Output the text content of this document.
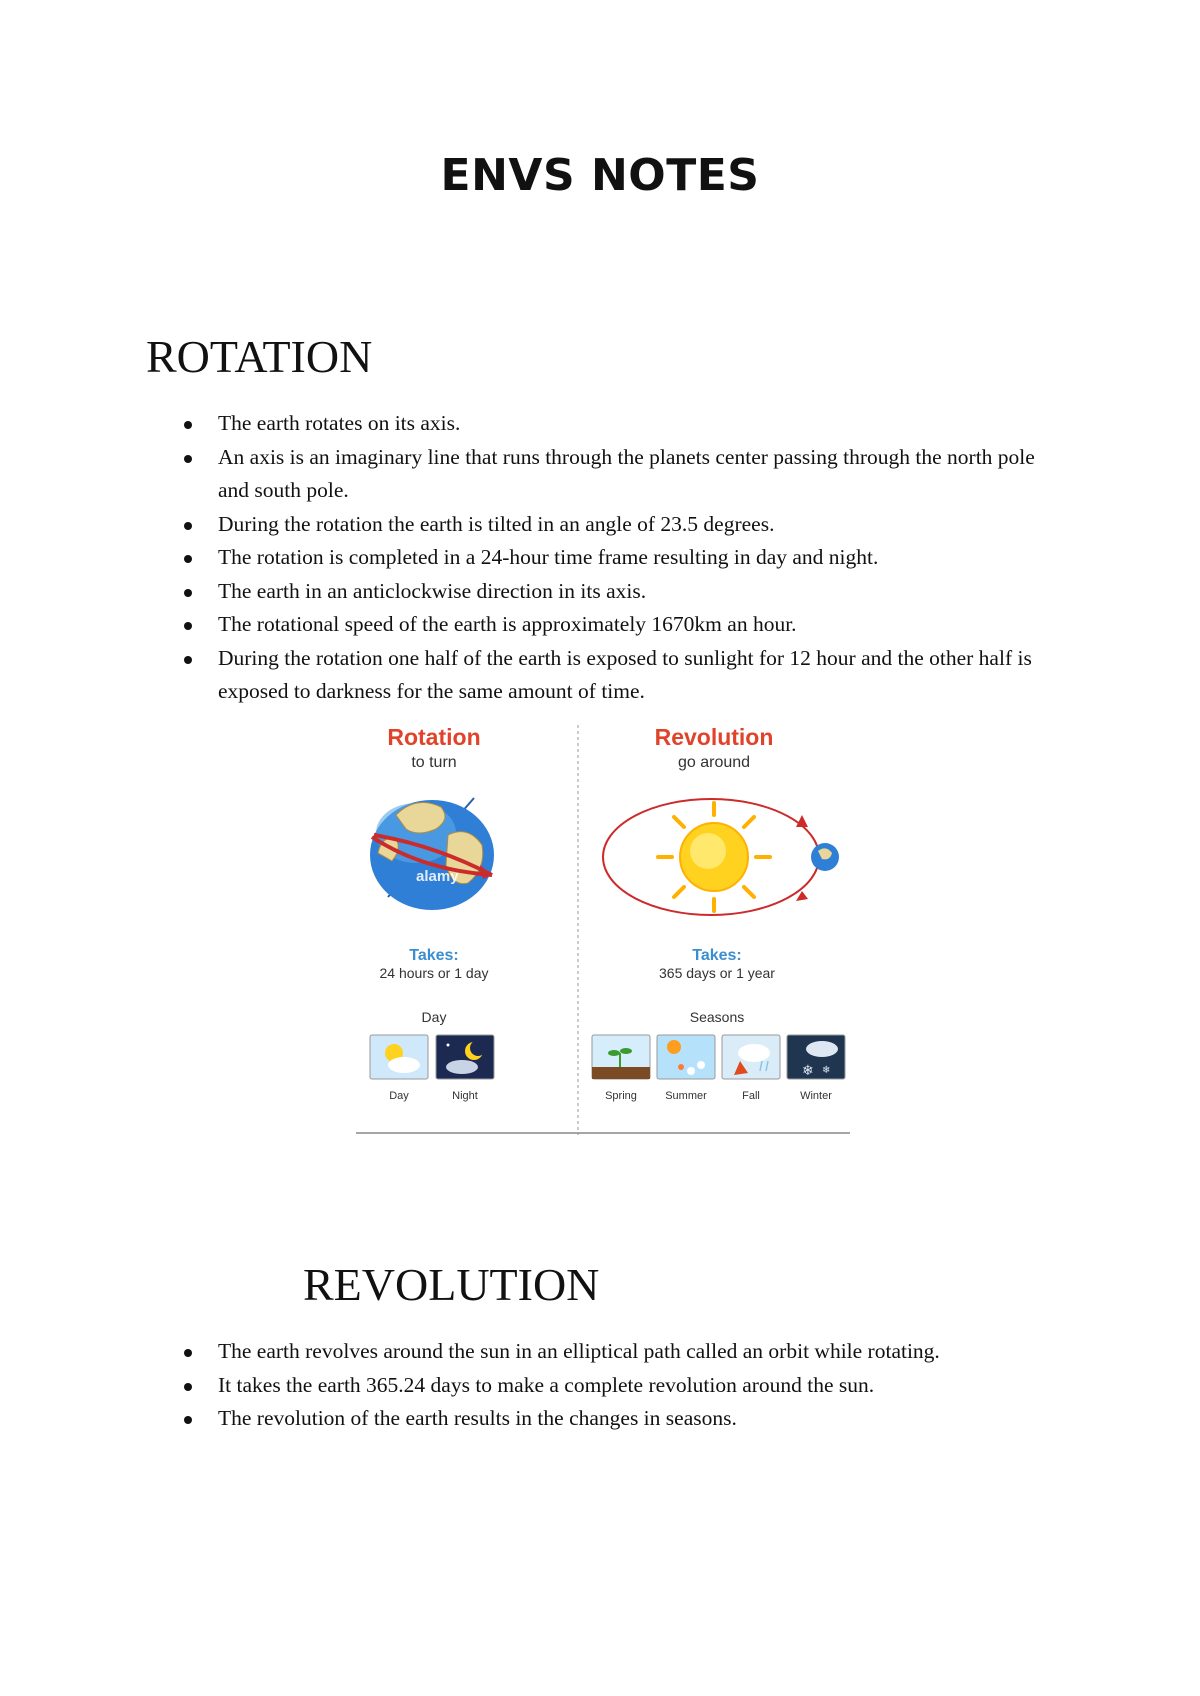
ENVS NOTES
ROTATION
The earth rotates on its axis.
An axis is an imaginary line that runs through the planets center passing through the north pole and south pole.
During the rotation the earth is tilted in an angle of 23.5 degrees.
The rotation is completed in a 24-hour time frame resulting in day and night.
The earth in an anticlockwise direction in its axis.
The rotational speed of the earth is approximately 1670km an hour.
During the rotation one half of the earth is exposed to sunlight for 12 hour and the other half is exposed to darkness for the same amount of time.
Rotation
to turn
alamy
Takes:
24 hours or 1 day
Day
Day	Night
Revolution
go around
Takes:
365 days or 1 year
Seasons
Spring	Summer	Fall
❄ ❄
Winter
REVOLUTION
The earth revolves around the sun in an elliptical path called an orbit while rotating.
It takes the earth 365.24 days to make a complete revolution around the sun.
The revolution of the earth results in the changes in seasons.
